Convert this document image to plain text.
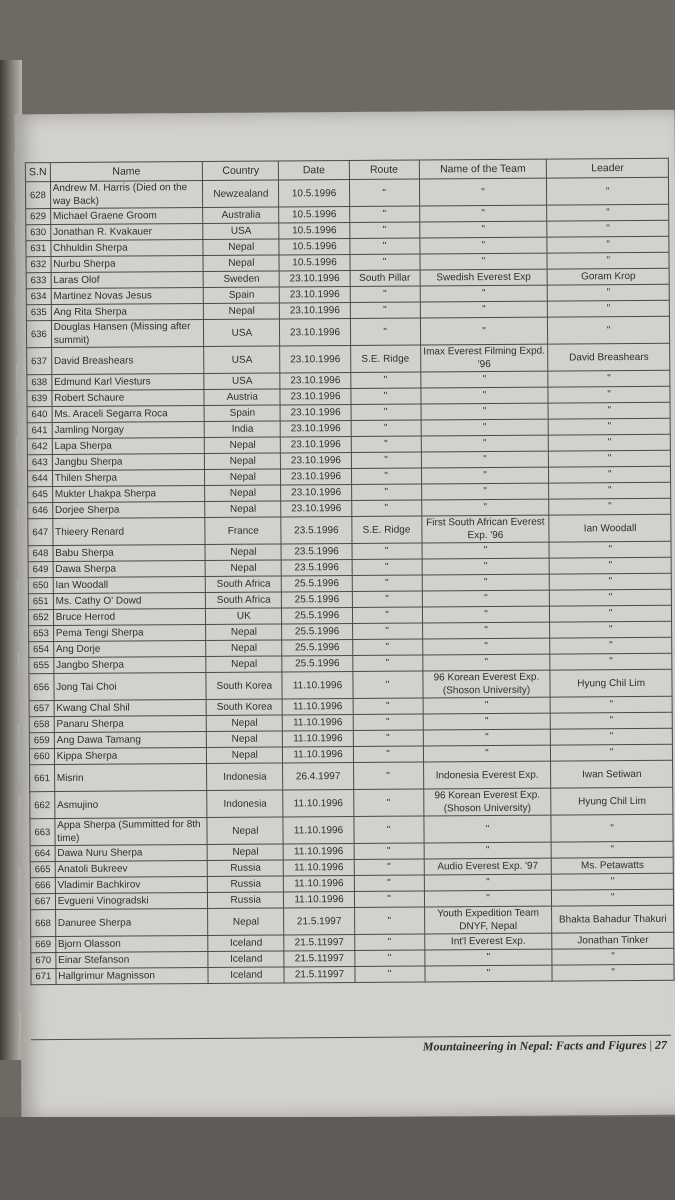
S.N	Name	Country	Date	Route	Name of the Team	Leader
628	Andrew M. Harris (Died on the way Back)	Newzealand	10.5.1996	"	"	"
629	Michael Graene Groom	Australia	10.5.1996	"	"	"
630	Jonathan R. Kvakauer	USA	10.5.1996	"	"	"
631	Chhuldin Sherpa	Nepal	10.5.1996	"	"	"
632	Nurbu Sherpa	Nepal	10.5.1996	"	"	"
633	Laras Olof	Sweden	23.10.1996	South Pillar	Swedish Everest Exp	Goram Krop
634	Martinez Novas Jesus	Spain	23.10.1996	"	"	"
635	Ang Rita Sherpa	Nepal	23.10.1996	"	"	"
636	Douglas Hansen (Missing after summit)	USA	23.10.1996	"	"	"
637	David Breashears	USA	23.10.1996	S.E. Ridge	Imax Everest Filming Expd. '96	David Breashears
638	Edmund Karl Viesturs	USA	23.10.1996	"	"	"
639	Robert Schaure	Austria	23.10.1996	"	"	"
640	Ms. Araceli Segarra Roca	Spain	23.10.1996	"	"	"
641	Jamling Norgay	India	23.10.1996	"	"	"
642	Lapa Sherpa	Nepal	23.10.1996	"	"	"
643	Jangbu Sherpa	Nepal	23.10.1996	"	"	"
644	Thilen Sherpa	Nepal	23.10.1996	"	"	"
645	Mukter Lhakpa Sherpa	Nepal	23.10.1996	"	"	"
646	Dorjee Sherpa	Nepal	23.10.1996	"	"	"
647	Thieery Renard	France	23.5.1996	S.E. Ridge	First South African Everest Exp. '96	Ian Woodall
648	Babu Sherpa	Nepal	23.5.1996	"	"	"
649	Dawa Sherpa	Nepal	23.5.1996	"	"	"
650	Ian Woodall	South Africa	25.5.1996	"	"	"
651	Ms. Cathy O' Dowd	South Africa	25.5.1996	"	"	"
652	Bruce Herrod	UK	25.5.1996	"	"	"
653	Pema Tengi Sherpa	Nepal	25.5.1996	"	"	"
654	Ang Dorje	Nepal	25.5.1996	"	"	"
655	Jangbo Sherpa	Nepal	25.5.1996	"	"	"
656	Jong Tai Choi	South Korea	11.10.1996	"	96 Korean Everest Exp. (Shoson University)	Hyung Chil Lim
657	Kwang Chal Shil	South Korea	11.10.1996	"	"	"
658	Panaru Sherpa	Nepal	11.10.1996	"	"	"
659	Ang Dawa Tamang	Nepal	11.10.1996	"	"	"
660	Kippa Sherpa	Nepal	11.10.1996	"	"	"
661	Misrin	Indonesia	26.4.1997	"	Indonesia Everest Exp.	Iwan Setiwan
662	Asmujino	Indonesia	11.10.1996	"	96 Korean Everest Exp. (Shoson University)	Hyung Chil Lim
663	Appa Sherpa (Summitted for 8th time)	Nepal	11.10.1996	"	"	"
664	Dawa Nuru Sherpa	Nepal	11.10.1996	"	"	"
665	Anatoli Bukreev	Russia	11.10.1996	"	Audio Everest Exp. '97	Ms. Petawatts
666	Vladimir Bachkirov	Russia	11.10.1996	"	"	"
667	Evgueni Vinogradski	Russia	11.10.1996	"	"	"
668	Danuree Sherpa	Nepal	21.5.1997	"	Youth Expedition Team DNYF, Nepal	Bhakta Bahadur Thakuri
669	Bjorn Olasson	Iceland	21.5.11997	"	Int'l Everest Exp.	Jonathan Tinker
670	Einar Stefanson	Iceland	21.5.11997	"	"	"
671	Hallgrimur Magnisson	Iceland	21.5.11997	"	"	"
Mountaineering in Nepal: Facts and Figures | 27
